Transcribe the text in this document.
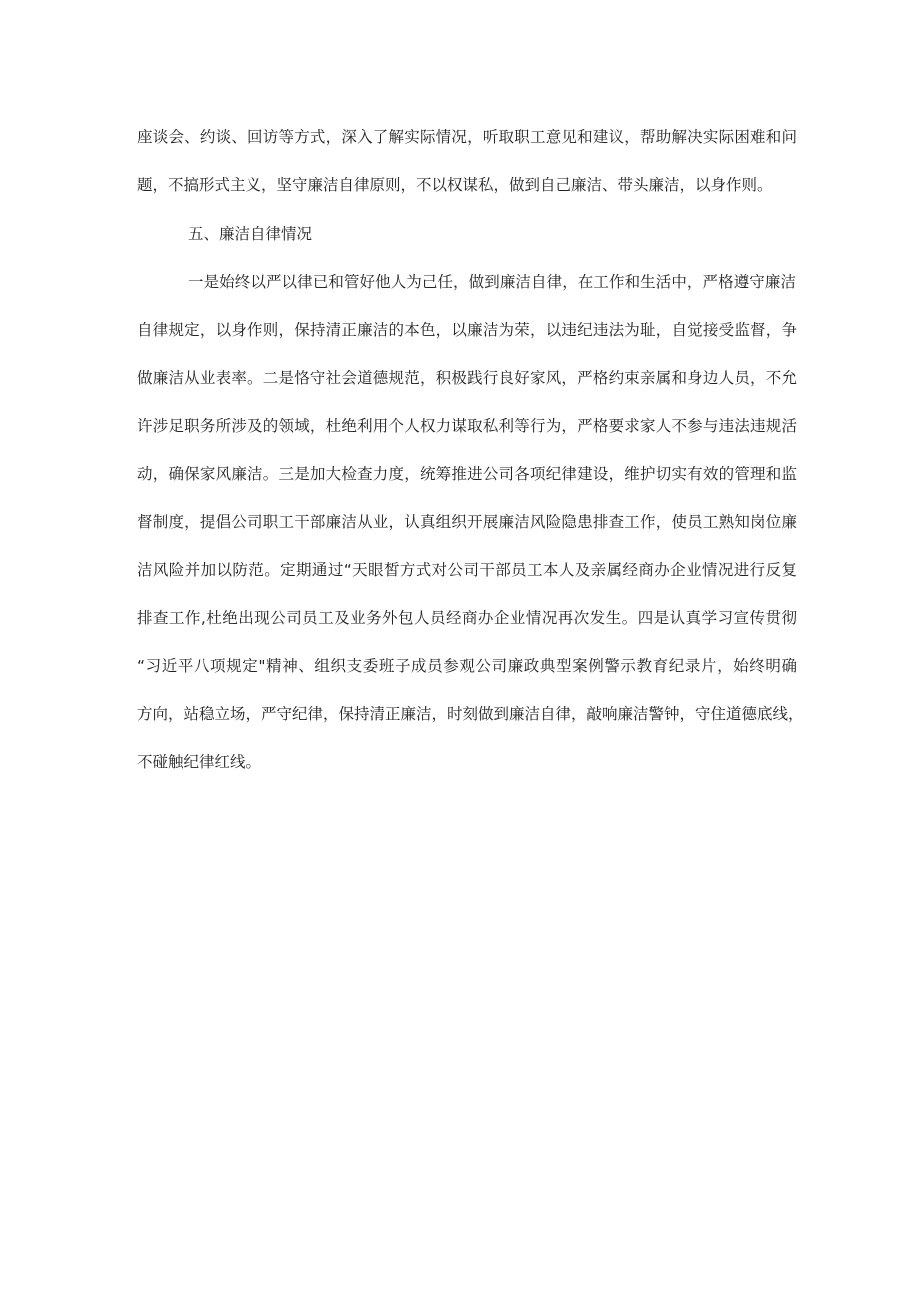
座谈会、约谈、回访等方式，深入了解实际情况，听取职工意见和建议，帮助解决实际困难和问
题，不搞形式主义，坚守廉洁自律原则，不以权谋私，做到自己廉洁、带头廉洁，以身作则。
五、廉洁自律情况
一是始终以严以律已和管好他人为己任，做到廉洁自律，在工作和生活中，严格遵守廉洁
自律规定，以身作则，保持清正廉洁的本色，以廉洁为荣，以违纪违法为耻，自觉接受监督，争
做廉洁从业表率。二是恪守社会道德规范，积极践行良好家风，严格约束亲属和身边人员，不允
许涉足职务所涉及的领域，杜绝利用个人权力谋取私利等行为，严格要求家人不参与违法违规活
动，确保家风廉洁。三是加大检查力度，统筹推进公司各项纪律建设，维护切实有效的管理和监
督制度，提倡公司职工干部廉洁从业，认真组织开展廉洁风险隐患排查工作，使员工熟知岗位廉
洁风险并加以防范。定期通过“天眼皙方式对公司干部员工本人及亲属经商办企业情况进行反复
排查工作,杜绝出现公司员工及业务外包人员经商办企业情况再次发生。四是认真学习宣传贯彻
“习近平八项规定"精神、组织支委班子成员参观公司廉政典型案例警示教育纪录片，始终明确
方向，站稳立场，严守纪律，保持清正廉洁，时刻做到廉洁自律，敲响廉洁警钟，守住道德底线，
不碰触纪律红线。
